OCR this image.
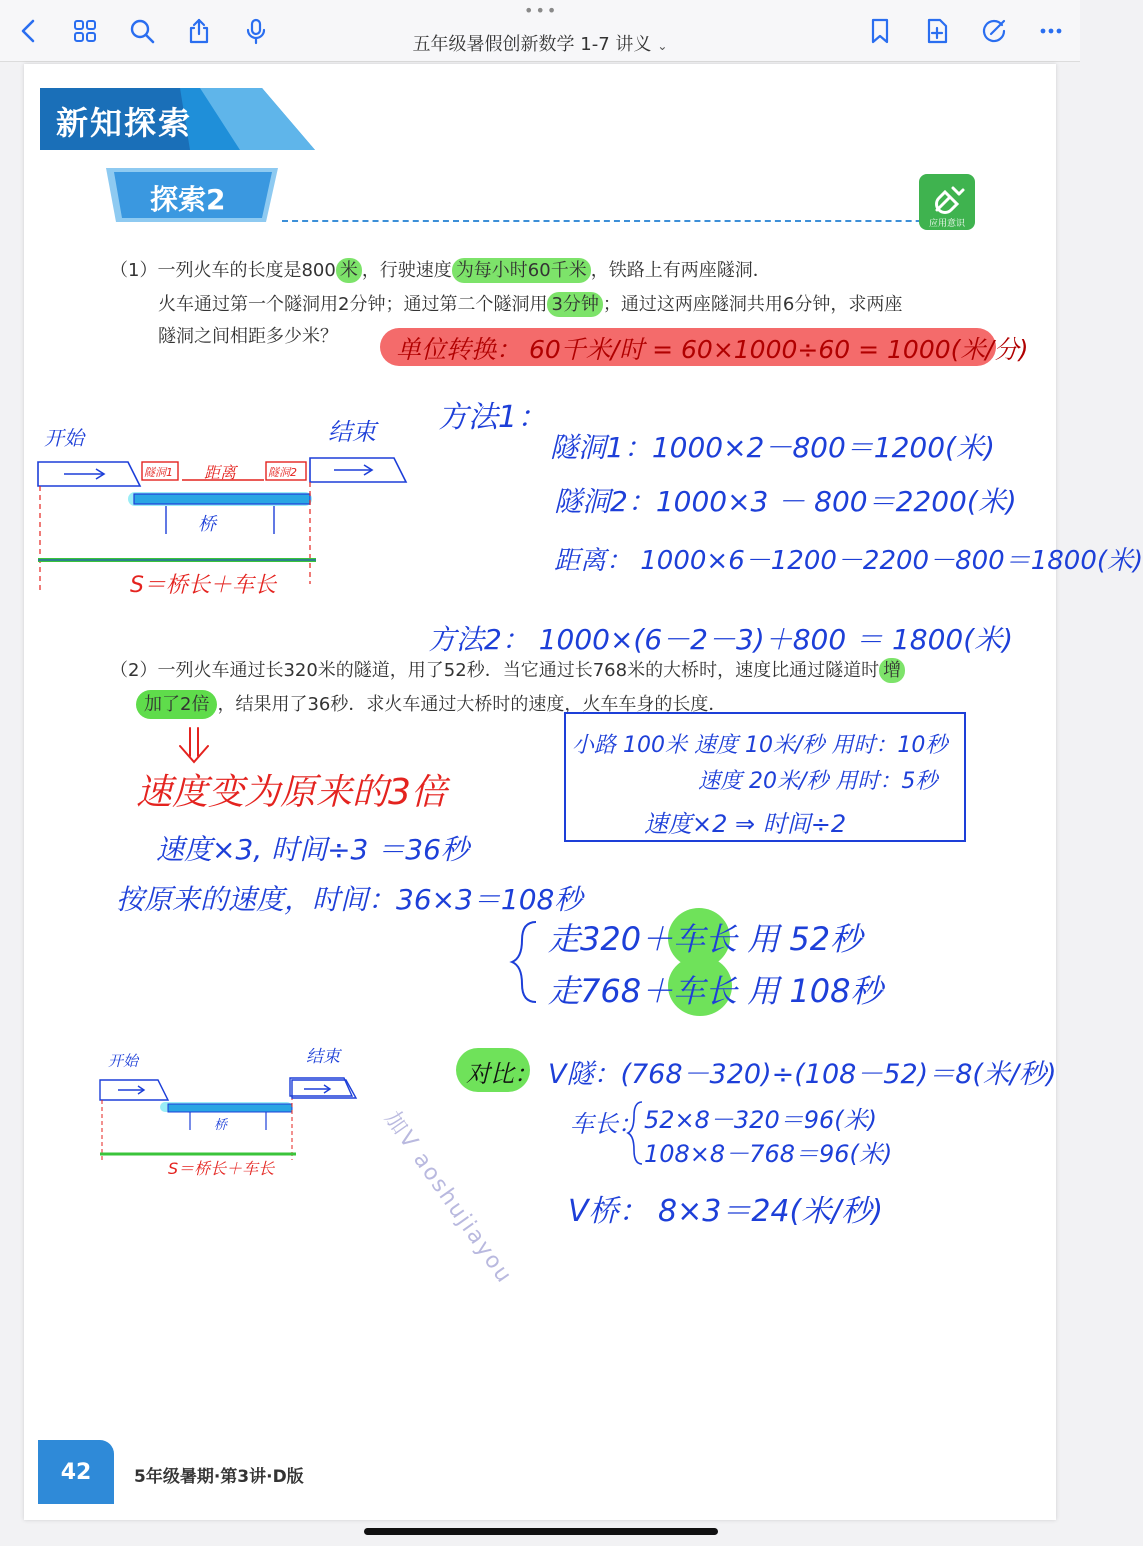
•••
五年级暑假创新数学 1-7 讲义 ⌄
新知探索
探索2
应用意识
（1）一列火车的长度是800 米 ，行驶速度 为每小时60千米 ，铁路上有两座隧洞．
火车通过第一个隧洞用2分钟；通过第二个隧洞用 3分钟 ；通过这两座隧洞共用6分钟，求两座
隧洞之间相距多少米？ 单位转换： 60千米/时 = 60×1000÷60 = 1000(米/分)
方法1：
隧洞1：1000×2－800＝1200(米)
隧洞2：1000×3 － 800＝2200(米)
距离： 1000×6－1200－2200－800＝1800(米)
方法2： 1000×(6－2－3)＋800 ＝ 1800(米)
开始	结束
隧洞1 距离	隧洞2
桥
S＝桥长＋车长
（2）一列火车通过长320米的隧道，用了52秒．当它通过长768米的大桥时，速度比通过隧道时 增
加了2倍 ，结果用了36秒．求火车通过大桥时的速度，火车车身的长度．
速度变为原来的3倍
速度×3, 时间÷3 ＝36秒
按原来的速度，时间：36×3＝108秒
小路 100米 速度 10米/秒 用时：10秒
速度 20米/秒 用时：5秒
速度×2 ⇒ 时间÷2
走320＋车长 用 52秒
走768＋车长 用 108秒
开始	结束
桥
S＝桥长＋车长	加V aoshujiayou
对比： V隧：(768－320)÷(108－52)＝8(米/秒)
车长： 52×8－320＝96(米)
108×8－768＝96(米)
V桥： 8×3＝24(米/秒)
42	5年级暑期·第3讲·D版
